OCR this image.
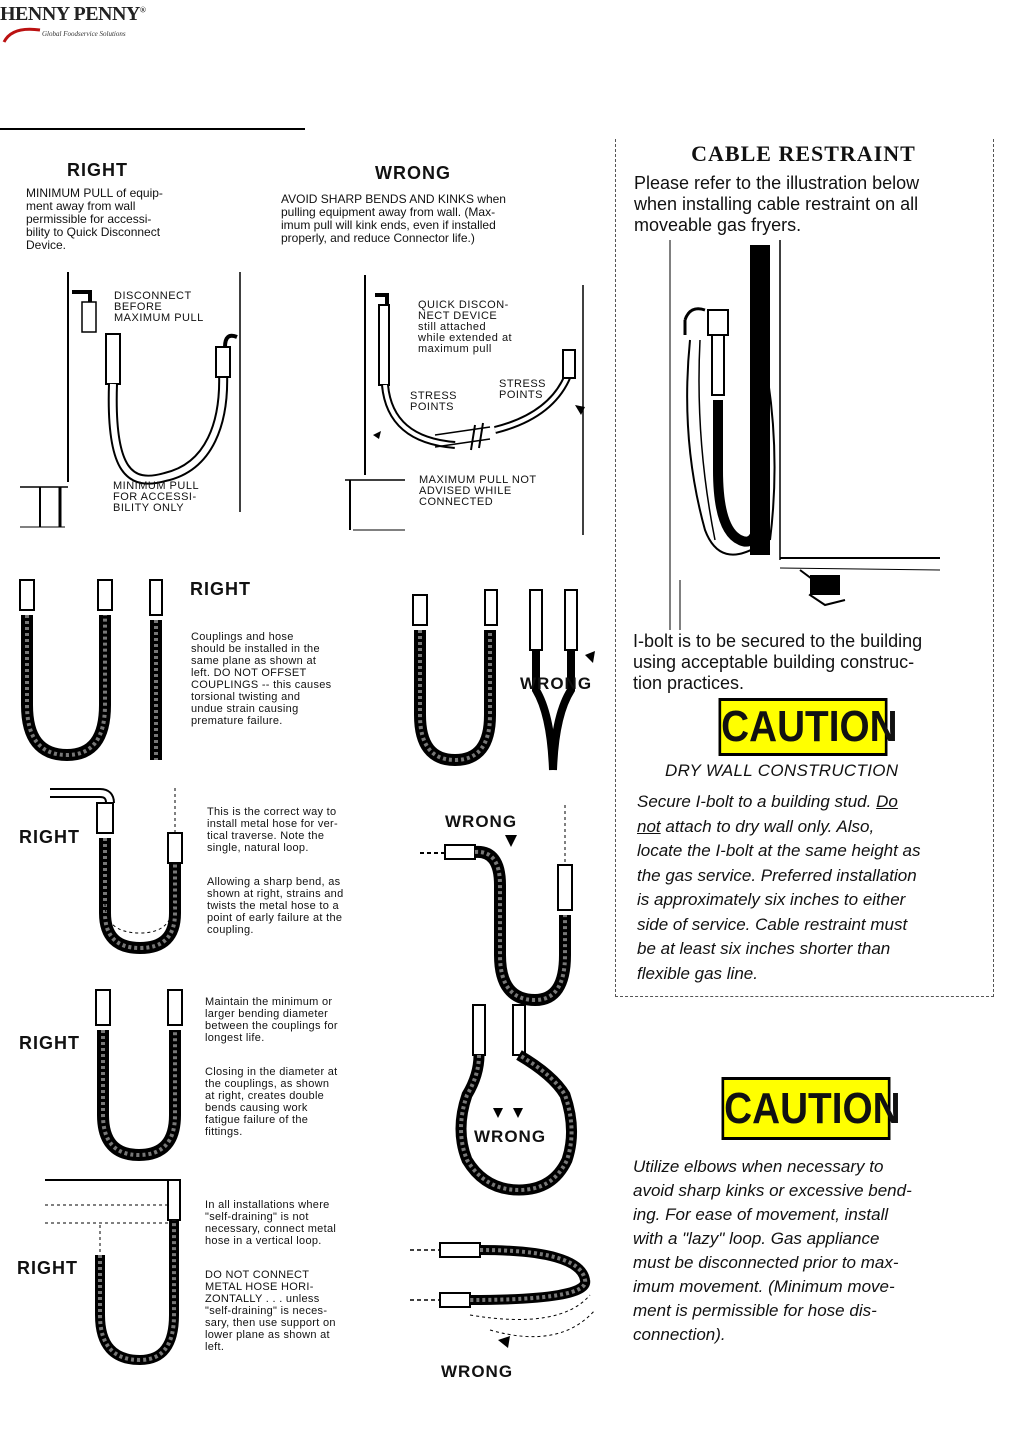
HENNY PENNY®
Global Foodservice Solutions
RIGHT
MINIMUM PULL of equip-
ment away from wall
permissible for accessi-
bility to Quick Disconnect
Device.
DISCONNECT
BEFORE
MAXIMUM PULL
MINIMUM PULL
FOR ACCESSI-
BILITY ONLY
WRONG
AVOID SHARP BENDS AND KINKS when
pulling equipment away from wall. (Max-
imum pull will kink ends, even if installed
properly, and reduce Connector life.)
QUICK DISCON-
NECT DEVICE
still attached
while extended at
maximum pull
STRESS
POINTS
STRESS
POINTS
MAXIMUM PULL NOT
ADVISED WHILE
CONNECTED
RIGHT
Couplings and hose
should be installed in the
same plane as shown at
left. DO NOT OFFSET
COUPLINGS -- this causes
torsional twisting and
undue strain causing
premature failure.
WRONG
RIGHT
This is the correct way to
install metal hose for ver-
tical traverse. Note the
single, natural loop.
Allowing a sharp bend, as
shown at right, strains and
twists the metal hose to a
point of early failure at the
coupling.
WRONG
RIGHT
Maintain the minimum or
larger bending diameter
between the couplings for
longest life.
Closing in the diameter at
the couplings, as shown
at right, creates double
bends causing work
fatigue failure of the
fittings.	WRONG
RIGHT
In all installations where
"self-draining" is not
necessary, connect metal
hose in a vertical loop.
DO NOT CONNECT
METAL HOSE HORI-
ZONTALLY . . . unless
"self-draining" is neces-
sary, then use support on
lower plane as shown at
left.
WRONG
CABLE RESTRAINT
Please refer to the illustration below
when installing cable restraint on all
moveable gas fryers.
I-bolt is to be secured to the building
using acceptable building construc-
tion practices.
CAUTION
DRY WALL CONSTRUCTION
Secure I-bolt to a building stud. Do
not attach to dry wall only. Also,
locate the I-bolt at the same height as
the gas service. Preferred installation
is approximately six inches to either
side of service. Cable restraint must
be at least six inches shorter than
flexible gas line.
CAUTION
Utilize elbows when necessary to
avoid sharp kinks or excessive bend-
ing. For ease of movement, install
with a "lazy" loop. Gas appliance
must be disconnected prior to max-
imum movement. (Minimum move-
ment is permissible for hose dis-
connection).
